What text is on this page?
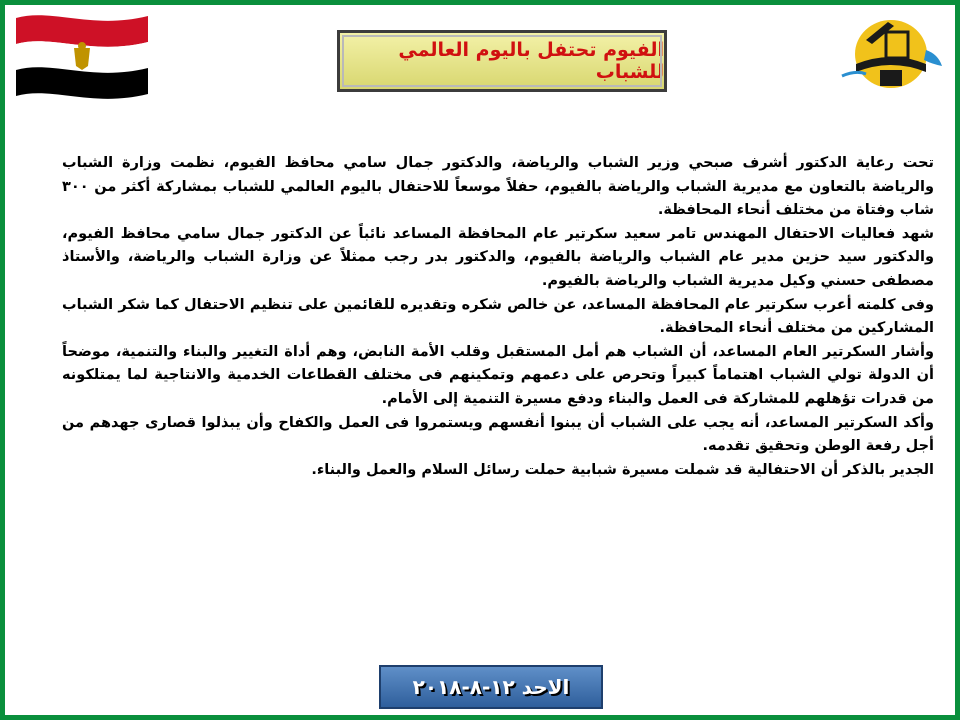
الفيوم تحتفل باليوم العالمي للشباب

تحت رعاية الدكتور أشرف صبحي وزير الشباب والرياضة، والدكتور جمال سامي محافظ الفيوم، نظمت وزارة الشباب والرياضة بالتعاون مع مديرية الشباب والرياضة بالفيوم، حفلاً موسعاً للاحتفال باليوم العالمي للشباب بمشاركة أكثر من ٣٠٠ شاب وفتاة من مختلف أنحاء المحافظة.

شهد فعاليات الاحتفال المهندس تامر سعيد سكرتير عام المحافظة المساعد نائباً عن الدكتور جمال سامي محافظ الفيوم، والدكتور سيد حزين مدير عام الشباب والرياضة بالفيوم، والدكتور بدر رجب ممثلاً عن وزارة الشباب والرياضة، والأستاذ مصطفى حسني وكيل مديرية الشباب والرياضة بالفيوم.

وفى كلمته أعرب سكرتير عام المحافظة المساعد، عن خالص شكره وتقديره للقائمين على تنظيم الاحتفال كما شكر الشباب المشاركين من مختلف أنحاء المحافظة.

وأشار السكرتير العام المساعد، أن الشباب هم أمل المستقبل وقلب الأمة النابض، وهم أداة التغيير والبناء والتنمية، موضحاً أن الدولة تولي الشباب اهتماماً كبيراً وتحرص على دعمهم وتمكينهم فى مختلف القطاعات الخدمية والانتاجية لما يمتلكونه من قدرات تؤهلهم للمشاركة فى العمل والبناء ودفع مسيرة التنمية إلى الأمام.

وأكد السكرتير المساعد، أنه يجب على الشباب أن يبنوا أنفسهم ويستمروا فى العمل والكفاح وأن يبذلوا قصارى جهدهم من أجل رفعة الوطن وتحقيق تقدمه.

الجدير بالذكر أن الاحتفالية قد شملت مسيرة شبابية حملت رسائل السلام والعمل والبناء.

الاحد ١٢-٨-٢٠١٨
